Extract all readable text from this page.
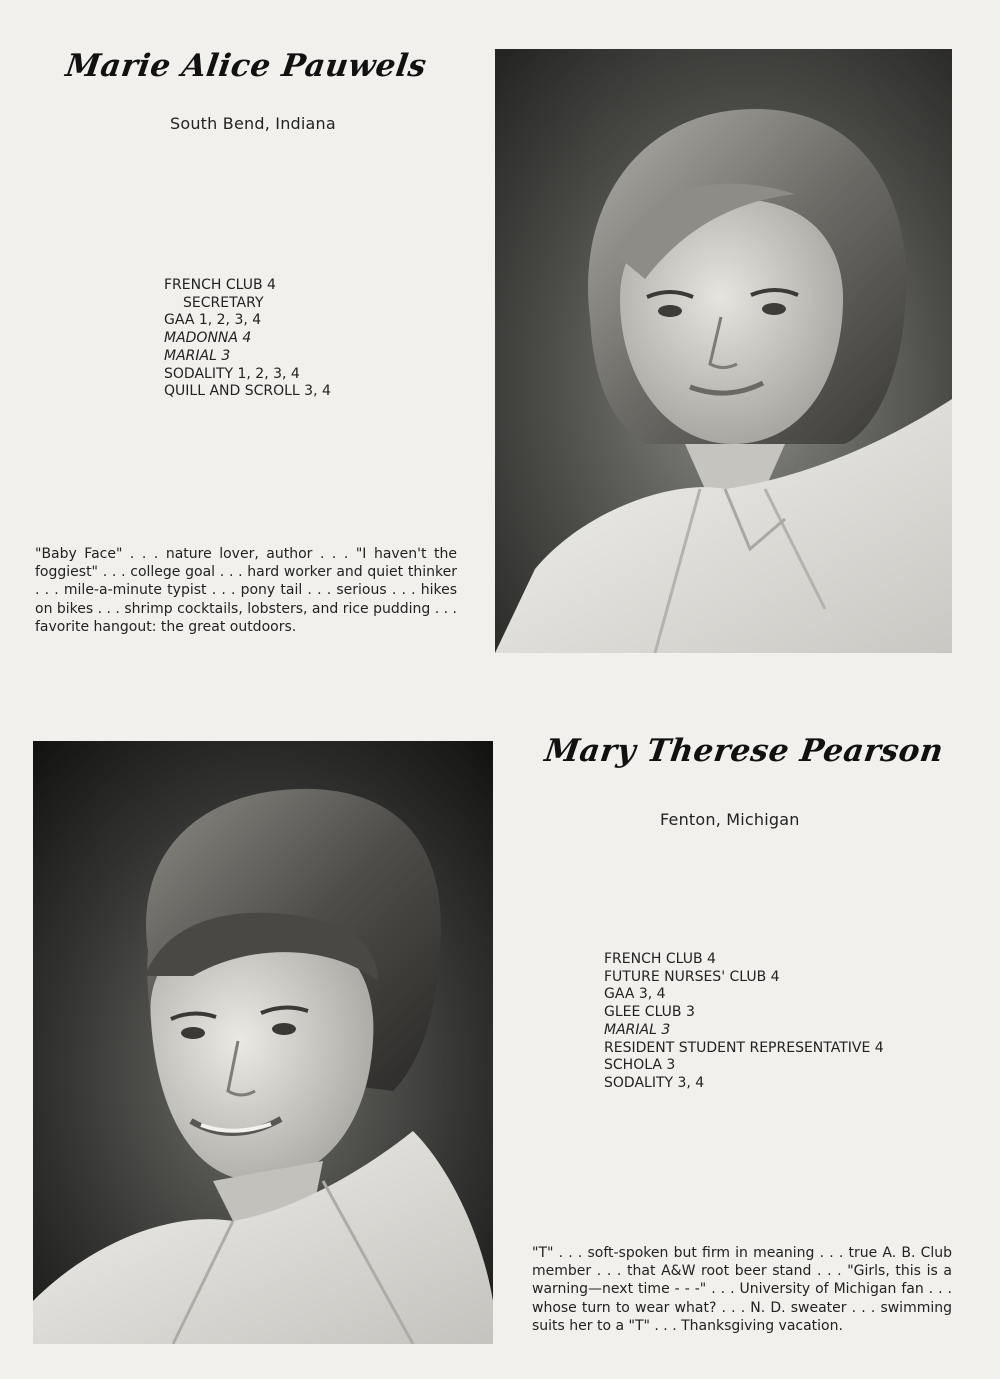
Marie Alice Pauwels
South Bend, Indiana
FRENCH CLUB 4
SECRETARY
GAA 1, 2, 3, 4
MADONNA 4
MARIAL 3
SODALITY 1, 2, 3, 4
QUILL AND SCROLL 3, 4

"Baby Face" . . . nature lover, author . . . "I haven't the foggiest" . . . college goal . . . hard worker and quiet thinker . . . mile-a-minute typist . . . pony tail . . . serious . . . hikes on bikes . . . shrimp cocktails, lobsters, and rice pudding . . . favorite hangout: the great outdoors.

Mary Therese Pearson
Fenton, Michigan
FRENCH CLUB 4
FUTURE NURSES' CLUB 4
GAA 3, 4
GLEE CLUB 3
MARIAL 3
RESIDENT STUDENT REPRESENTATIVE 4
SCHOLA 3
SODALITY 3, 4

"T" . . . soft-spoken but firm in meaning . . . true A. B. Club member . . . that A&W root beer stand . . . "Girls, this is a warning—next time - - -" . . . University of Michigan fan . . . whose turn to wear what? . . . N. D. sweater . . . swimming suits her to a "T" . . . Thanksgiving vacation.
